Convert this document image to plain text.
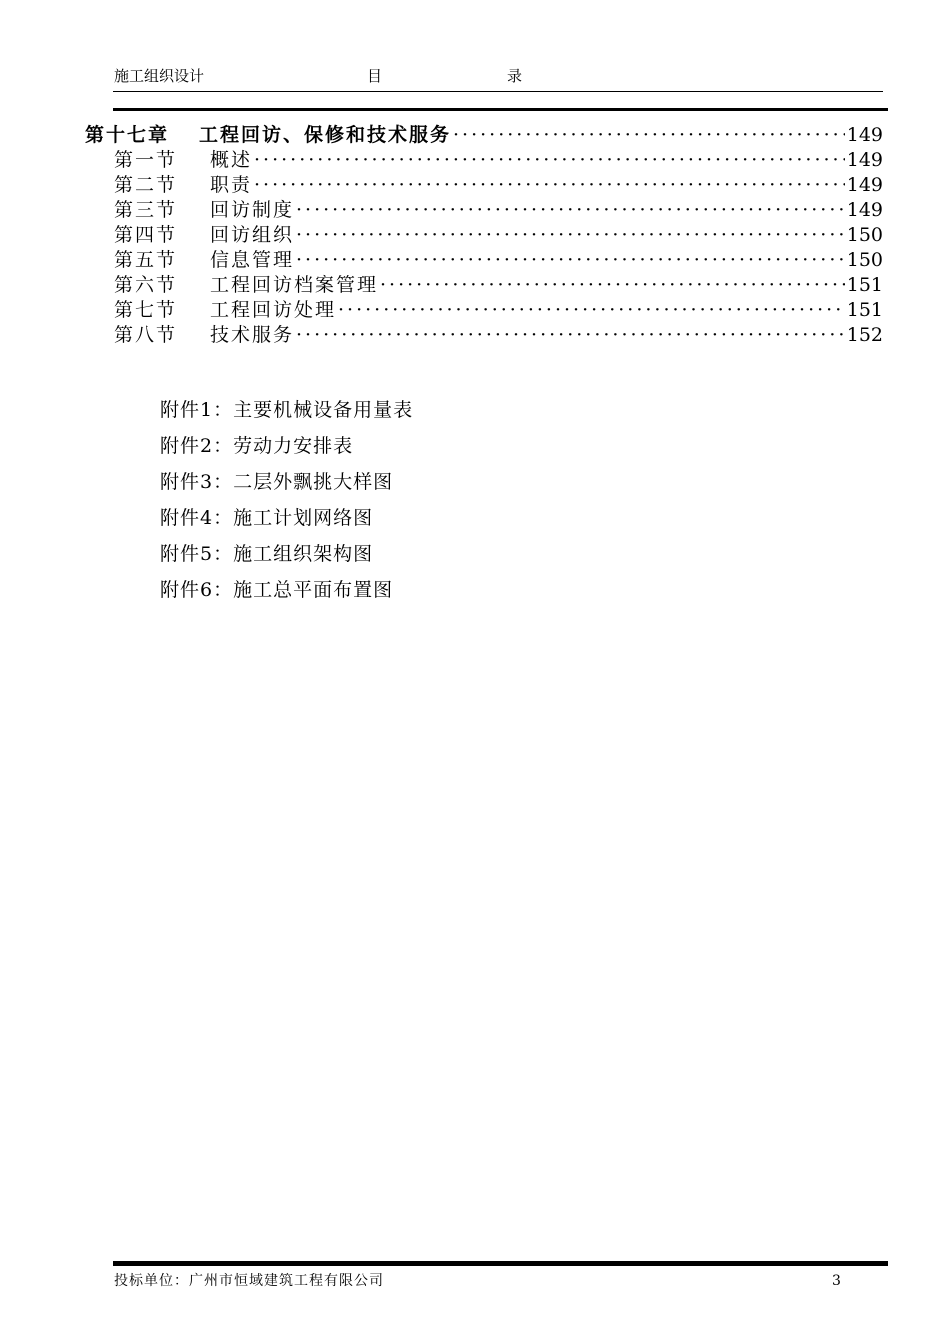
施工组织设计	目	录
第十七章	工程回访、保修和技术服务 ·····	149
第一节	概述 ·····	149
第二节	职责 ·····	149
第三节	回访制度 ·····	149
第四节	回访组织 ·····	150
第五节	信息管理 ·····	150
第六节	工程回访档案管理 ·····	151
第七节	工程回访处理 ·····	151
第八节	技术服务 ·····	152
附件1：主要机械设备用量表
附件2：劳动力安排表
附件3：二层外飘挑大样图
附件4：施工计划网络图
附件5：施工组织架构图
附件6：施工总平面布置图
投标单位：广州市恒域建筑工程有限公司	3
